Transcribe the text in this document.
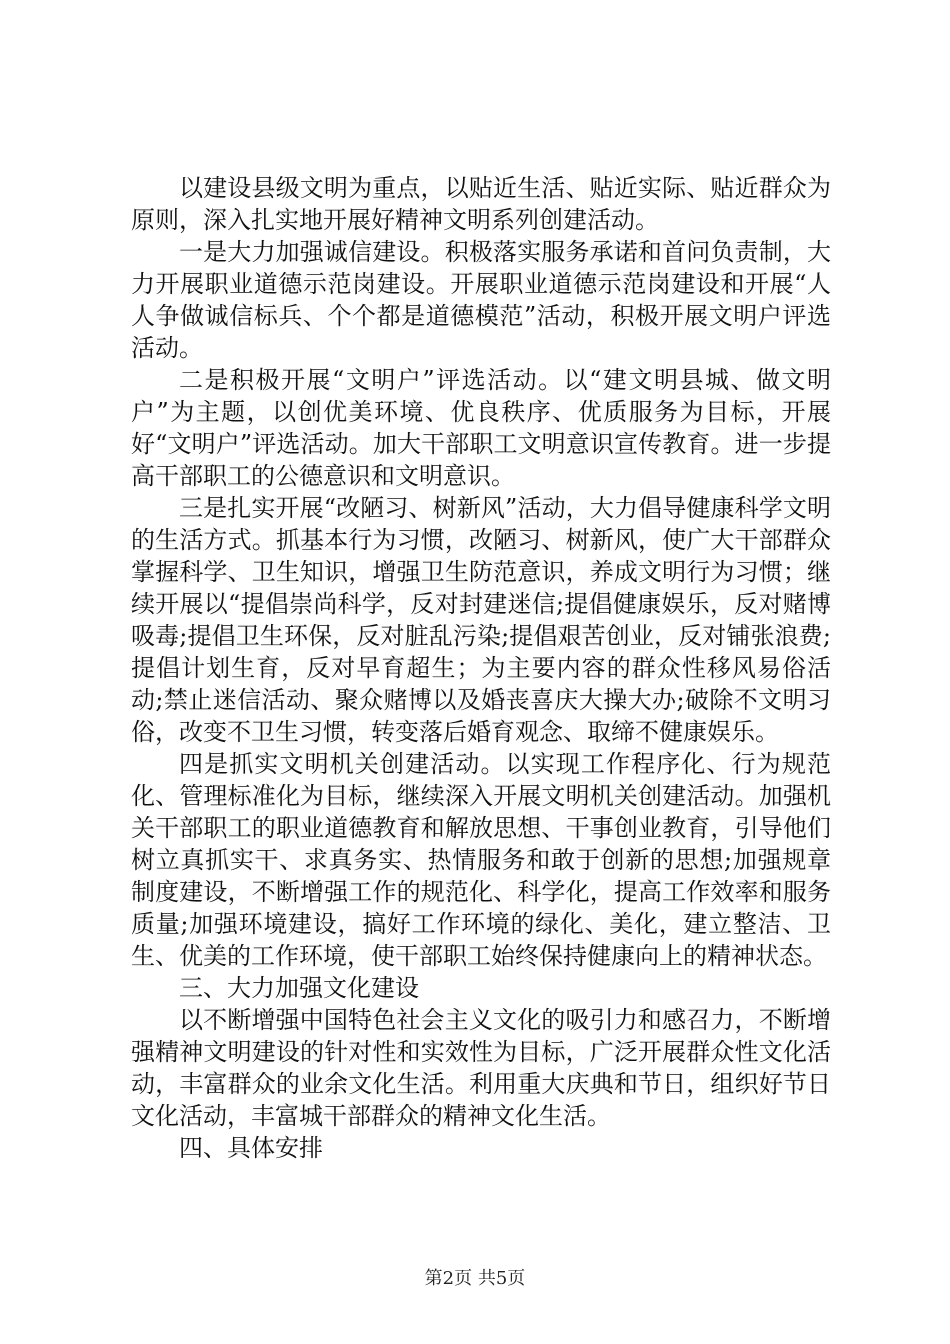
以建设县级文明为重点，以贴近生活、贴近实际、贴近群众为原则，深入扎实地开展好精神文明系列创建活动。

一是大力加强诚信建设。积极落实服务承诺和首问负责制，大力开展职业道德示范岗建设。开展职业道德示范岗建设和开展“人人争做诚信标兵、个个都是道德模范”活动，积极开展文明户评选活动。

二是积极开展“文明户”评选活动。以“建文明县城、做文明户”为主题，以创优美环境、优良秩序、优质服务为目标，开展好“文明户”评选活动。加大干部职工文明意识宣传教育。进一步提高干部职工的公德意识和文明意识。

三是扎实开展“改陋习、树新风”活动，大力倡导健康科学文明的生活方式。抓基本行为习惯，改陋习、树新风，使广大干部群众掌握科学、卫生知识，增强卫生防范意识，养成文明行为习惯；继续开展以“提倡崇尚科学，反对封建迷信;提倡健康娱乐，反对赌博吸毒;提倡卫生环保，反对脏乱污染;提倡艰苦创业，反对铺张浪费;提倡计划生育，反对早育超生；为主要内容的群众性移风易俗活动;禁止迷信活动、聚众赌博以及婚丧喜庆大操大办;破除不文明习俗，改变不卫生习惯，转变落后婚育观念、取缔不健康娱乐。

四是抓实文明机关创建活动。以实现工作程序化、行为规范化、管理标准化为目标，继续深入开展文明机关创建活动。加强机关干部职工的职业道德教育和解放思想、干事创业教育，引导他们树立真抓实干、求真务实、热情服务和敢于创新的思想;加强规章制度建设，不断增强工作的规范化、科学化，提高工作效率和服务质量;加强环境建设，搞好工作环境的绿化、美化，建立整洁、卫生、优美的工作环境，使干部职工始终保持健康向上的精神状态。

三、大力加强文化建设

以不断增强中国特色社会主义文化的吸引力和感召力，不断增强精神文明建设的针对性和实效性为目标，广泛开展群众性文化活动，丰富群众的业余文化生活。利用重大庆典和节日，组织好节日文化活动，丰富城干部群众的精神文化生活。

四、具体安排

第2页 共5页
